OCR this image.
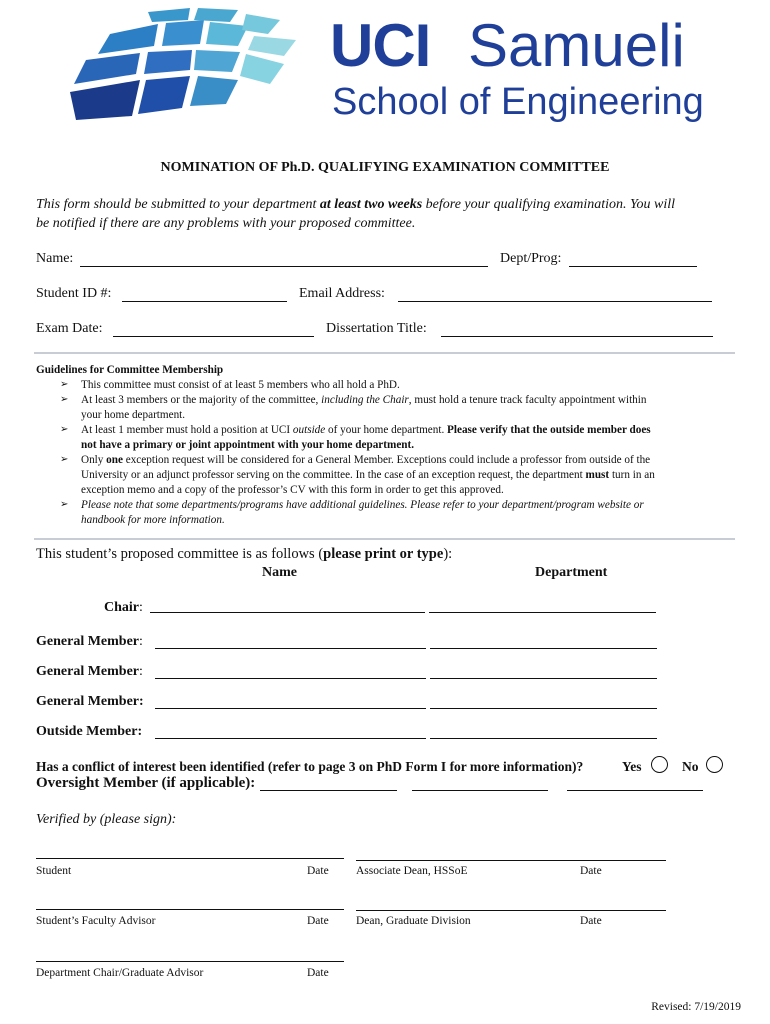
UCI Samueli
School of Engineering
NOMINATION OF Ph.D. QUALIFYING EXAMINATION COMMITTEE
This form should be submitted to your department at least two weeks before your qualifying examination. You will
be notified if there are any problems with your proposed committee.
Name:	Dept/Prog:
Student ID #:	Email Address:
Exam Date:	Dissertation Title:
Guidelines for Committee Membership
➢ This committee must consist of at least 5 members who all hold a PhD.
➢ At least 3 members or the majority of the committee, including the Chair, must hold a tenure track faculty appointment within
your home department.
➢ At least 1 member must hold a position at UCI outside of your home department. Please verify that the outside member does
not have a primary or joint appointment with your home department.
➢ Only one exception request will be considered for a General Member. Exceptions could include a professor from outside of the
University or an adjunct professor serving on the committee. In the case of an exception request, the department must turn in an
exception memo and a copy of the professor’s CV with this form in order to get this approved.
➢ Please note that some departments/programs have additional guidelines. Please refer to your department/program website or
handbook for more information.
This student’s proposed committee is as follows (please print or type):
Name	Department
Chair:
General Member:
General Member:
General Member:
Outside Member:
Has a conflict of interest been identified (refer to page 3 on PhD Form I for more information)?	Yes	No
Oversight Member (if applicable):
Verified by (please sign):
Student	Date Associate Dean, HSSoE	Date
Student’s Faculty Advisor	Date Dean, Graduate Division	Date
Department Chair/Graduate Advisor	Date
Revised: 7/19/2019
